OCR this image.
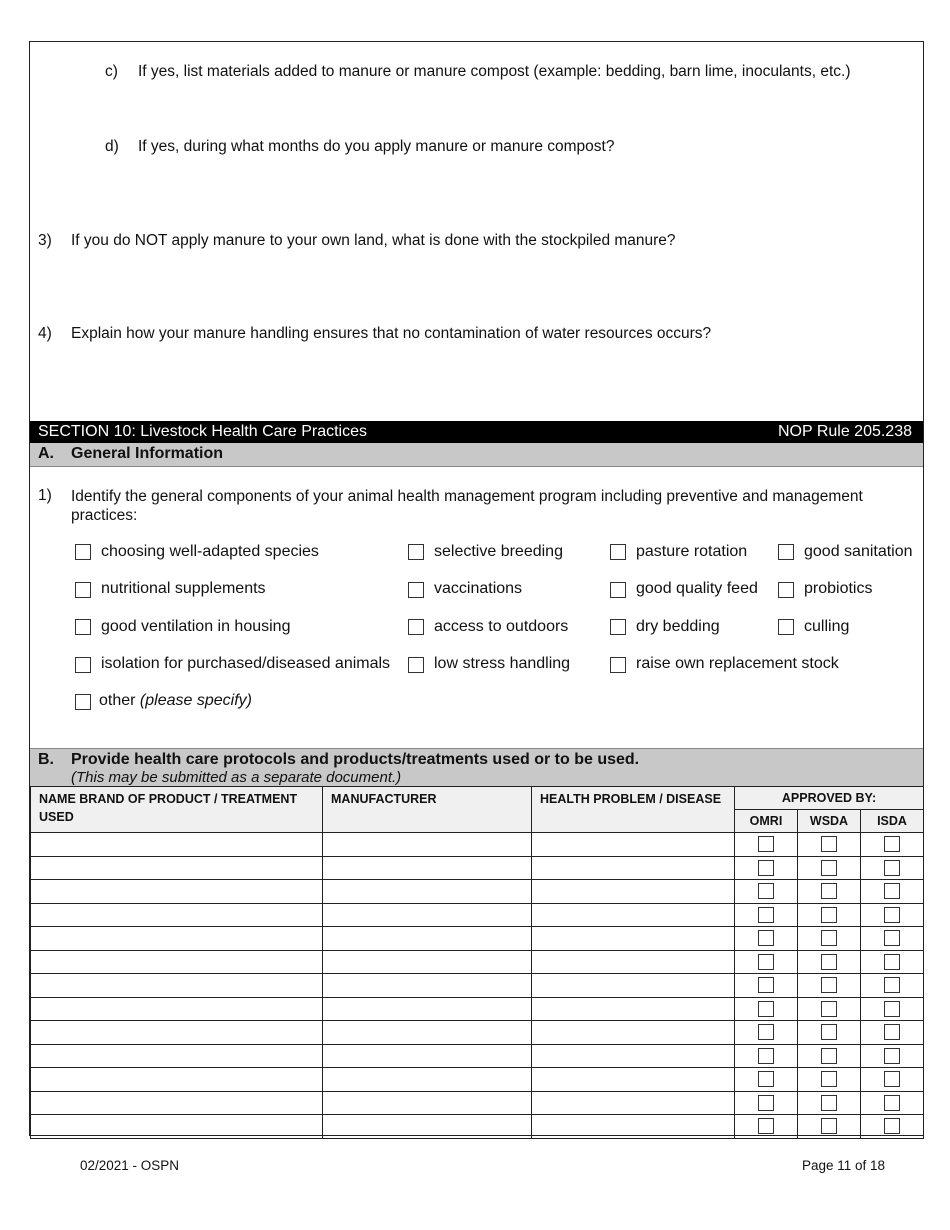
c) If yes, list materials added to manure or manure compost (example: bedding, barn lime, inoculants, etc.)
d) If yes, during what months do you apply manure or manure compost?
3) If you do NOT apply manure to your own land, what is done with the stockpiled manure?
4) Explain how your manure handling ensures that no contamination of water resources occurs?
SECTION 10: Livestock Health Care Practices	NOP Rule 205.238
A. General Information
1) Identify the general components of your animal health management program including preventive and management practices:
choosing well-adapted species	selective breeding	pasture rotation	good sanitation
nutritional supplements	vaccinations	good quality feed	probiotics
good ventilation in housing	access to outdoors	dry bedding	culling
isolation for purchased/diseased animals	low stress handling	raise own replacement stock
other (please specify)
B. Provide health care protocols and products/treatments used or to be used.
(This may be submitted as a separate document.)
NAME BRAND OF PRODUCT / TREATMENT USED	MANUFACTURER	HEALTH PROBLEM / DISEASE	APPROVED BY:		
			OMRI	WSDA	ISDA

02/2021 - OSPN	Page 11 of 18
